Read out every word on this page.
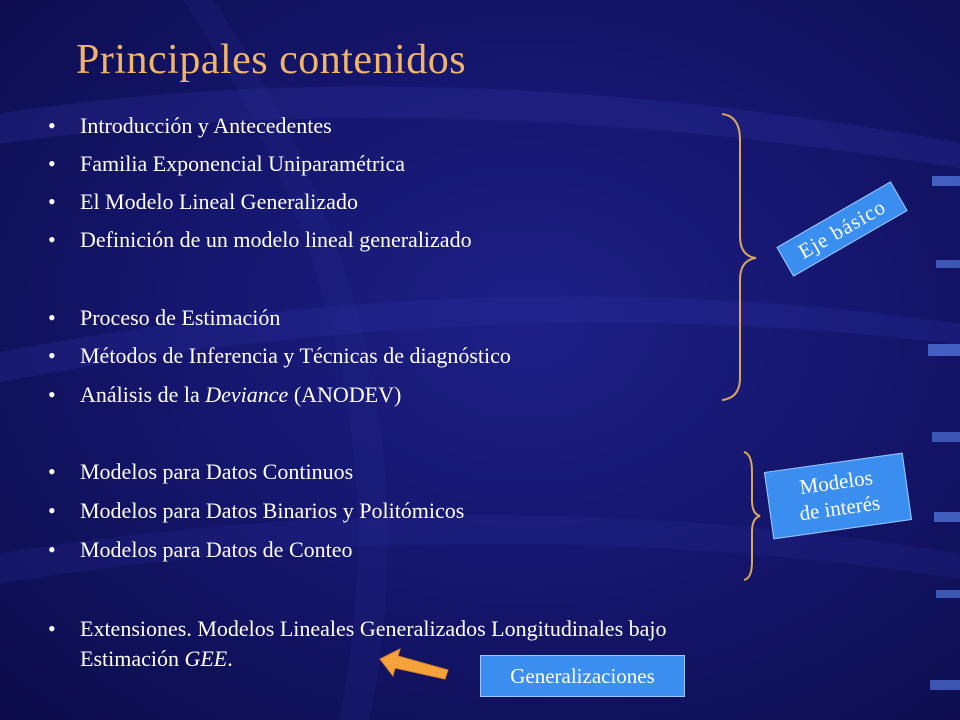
Principales contenidos
• Introducción y Antecedentes
• Familia Exponencial Uniparamétrica
• El Modelo Lineal Generalizado
• Definición de un modelo lineal generalizado
• Proceso de Estimación
• Métodos de Inferencia y Técnicas de diagnóstico
• Análisis de la Deviance (ANODEV)
• Modelos para Datos Continuos
• Modelos para Datos Binarios y Politómicos
• Modelos para Datos de Conteo
• Extensiones. Modelos Lineales Generalizados Longitudinales bajo
Estimación GEE.
Eje básico
Modelos
de interés
Generalizaciones
